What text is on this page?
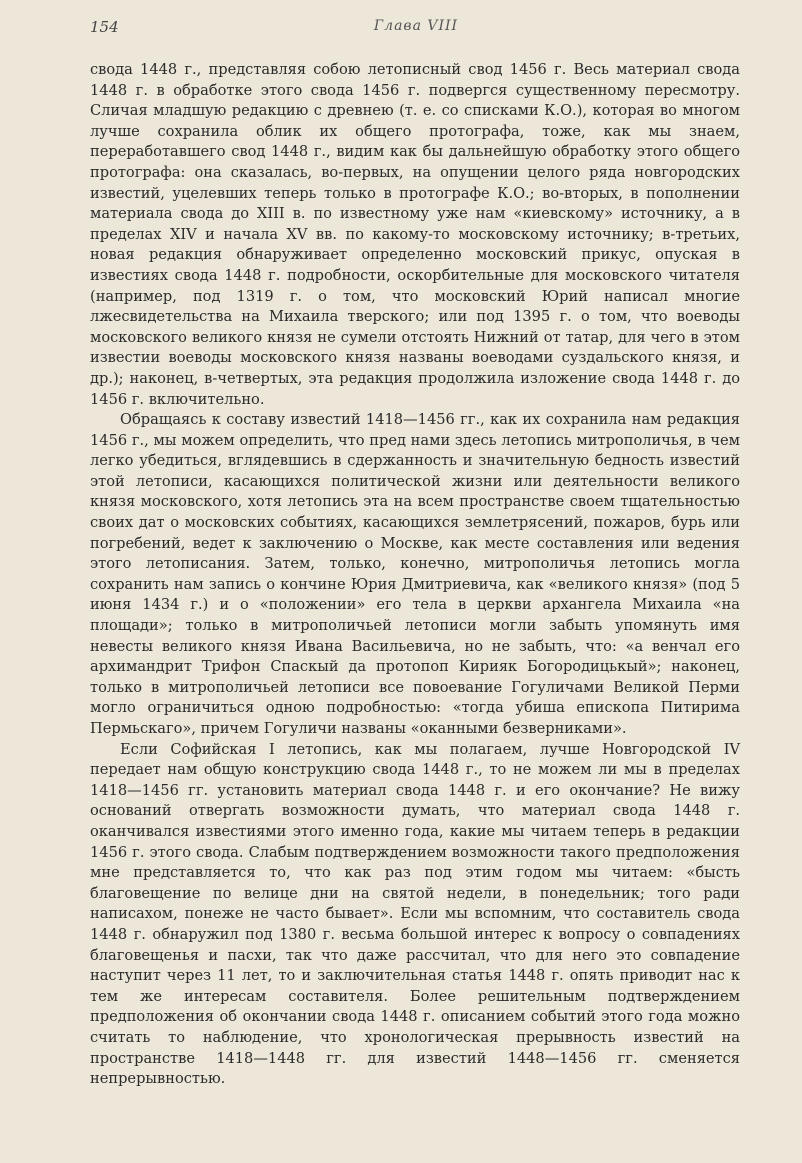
154	Глава VIII

свода 1448 г., представляя собою летописный свод 1456 г. Весь материал свода 1448 г. в обработке этого свода 1456 г. подвергся существенному пересмотру. Сличая младшую редакцию с древнею (т. е. со списками К.О.), которая во многом лучше сохранила облик их общего протографа, тоже, как мы знаем, переработавшего свод 1448 г., видим как бы дальнейшую обработку этого общего протографа: она сказалась, во-первых, на опущении целого ряда новгородских известий, уцелевших теперь только в протографе К.О.; во-вторых, в пополнении материала свода до XIII в. по известному уже нам «киевскому» источнику, а в пределах XIV и начала XV вв. по какому-то московскому источнику; в-третьих, новая редакция обнаруживает определенно московский прикус, опуская в известиях свода 1448 г. подробности, оскорбительные для московского читателя (например, под 1319 г. о том, что московский Юрий написал многие лжесвидетельства на Михаила тверского; или под 1395 г. о том, что воеводы московского великого князя не сумели отстоять Нижний от татар, для чего в этом известии воеводы московского князя названы воеводами суздальского князя, и др.); наконец, в-четвертых, эта редакция продолжила изложение свода 1448 г. до 1456 г. включительно.

Обращаясь к составу известий 1418—1456 гг., как их сохранила нам редакция 1456 г., мы можем определить, что пред нами здесь летопись митрополичья, в чем легко убедиться, вглядевшись в сдержанность и значительную бедность известий этой летописи, касающихся политической жизни или деятельности великого князя московского, хотя летопись эта на всем пространстве своем тщательностью своих дат о московских событиях, касающихся землетрясений, пожаров, бурь или погребений, ведет к заключению о Москве, как месте составления или ведения этого летописания. Затем, только, конечно, митрополичья летопись могла сохранить нам запись о кончине Юрия Дмитриевича, как «великого князя» (под 5 июня 1434 г.) и о «положении» его тела в церкви архангела Михаила «на площади»; только в митрополичьей летописи могли забыть упомянуть имя невесты великого князя Ивана Васильевича, но не забыть, что: «а венчал его архимандрит Трифон Спаскый да протопоп Кирияк Богородицькый»; наконец, только в митрополичьей летописи все повоевание Гогуличами Великой Перми могло ограничиться одною подробностью: «тогда убиша епископа Питирима Пермьскаго», причем Гогуличи названы «оканными безверниками».

Если Софийская I летопись, как мы полагаем, лучше Новгородской IV передает нам общую конструкцию свода 1448 г., то не можем ли мы в пределах 1418—1456 гг. установить материал свода 1448 г. и его окончание? Не вижу оснований отвергать возможности думать, что материал свода 1448 г. оканчивался известиями этого именно года, какие мы читаем теперь в редакции 1456 г. этого свода. Слабым подтверждением возможности такого предположения мне представляется то, что как раз под этим годом мы читаем: «бысть благовещение по велице дни на святой недели, в понедельник; того ради написахом, понеже не часто бывает». Если мы вспомним, что составитель свода 1448 г. обнаружил под 1380 г. весьма большой интерес к вопросу о совпадениях благовещенья и пасхи, так что даже рассчитал, что для него это совпадение наступит через 11 лет, то и заключительная статья 1448 г. опять приводит нас к тем же интересам составителя. Более решительным подтверждением предположения об окончании свода 1448 г. описанием событий этого года можно считать то наблюдение, что хронологическая прерывность известий на пространстве 1418—1448 гг. для известий 1448—1456 гг. сменяется непрерывностью.
